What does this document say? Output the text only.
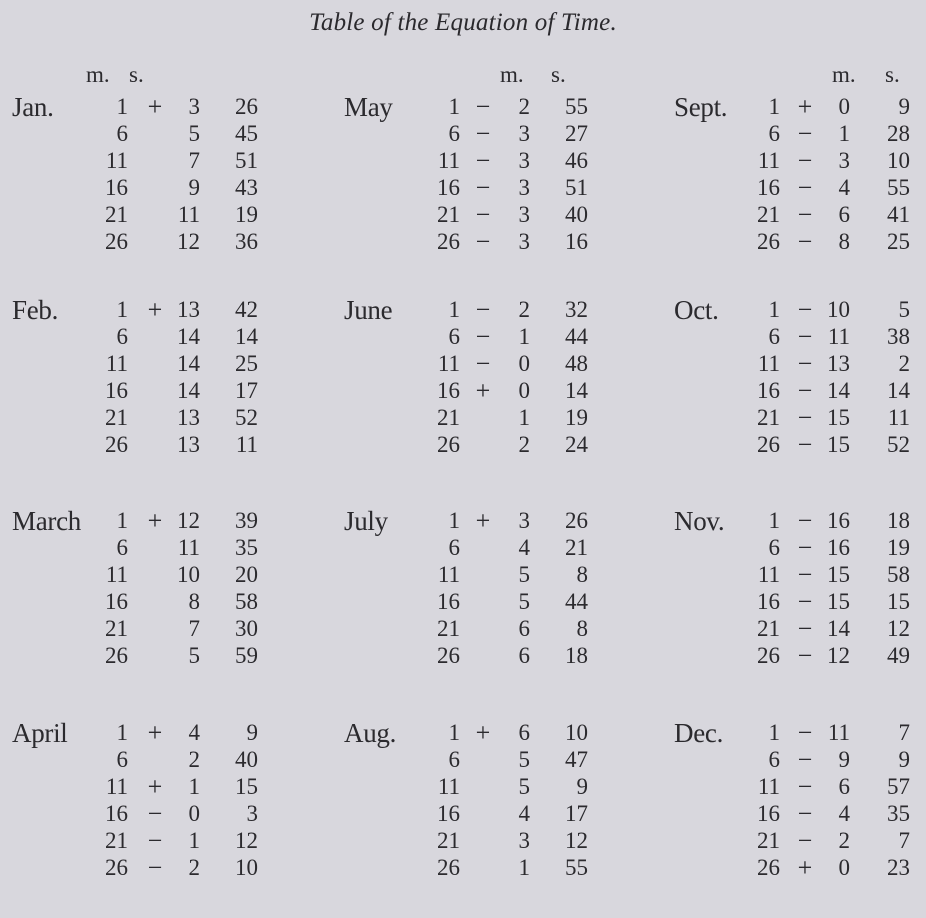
Table of the Equation of Time.
m. s.
Jan.	1 +	3	26
6	5	45
11	7	51
16	9	43
21	11	19
26	12	36
Feb.	1 + 13	42
6	14	14
11	14	25
16	14	17
21	13	52
26	13	11
March	1 + 12	39
6	11	35
11	10	20
16	8	58
21	7	30
26	5	59
April	1 +	4	9
6	2	40
11 +	1	15
16 −	0	3
21 −	1	12
26 −	2	10
m. s.
May	1 −	2	55
6 −	3	27
11 −	3	46
16 −	3	51
21 −	3	40
26 −	3	16
June	1 −	2	32
6 −	1	44
11 −	0	48
16 +	0	14
21	1	19
26	2	24
July	1 +	3	26
6	4	21
11	5	8
16	5	44
21	6	8
26	6	18
Aug.	1 +	6	10
6	5	47
11	5	9
16	4	17
21	3	12
26	1	55
m. s.
Sept.	1 +	0	9
6 −	1	28
11 −	3	10
16 −	4	55
21 −	6	41
26 −	8	25
Oct.	1 − 10	5
6 − 11	38
11 − 13	2
16 − 14	14
21 − 15	11
26 − 15	52
Nov.	1 − 16	18
6 − 16	19
11 − 15	58
16 − 15	15
21 − 14	12
26 − 12	49
Dec.	1 − 11	7
6 −	9	9
11 −	6	57
16 −	4	35
21 −	2	7
26 +	0	23
